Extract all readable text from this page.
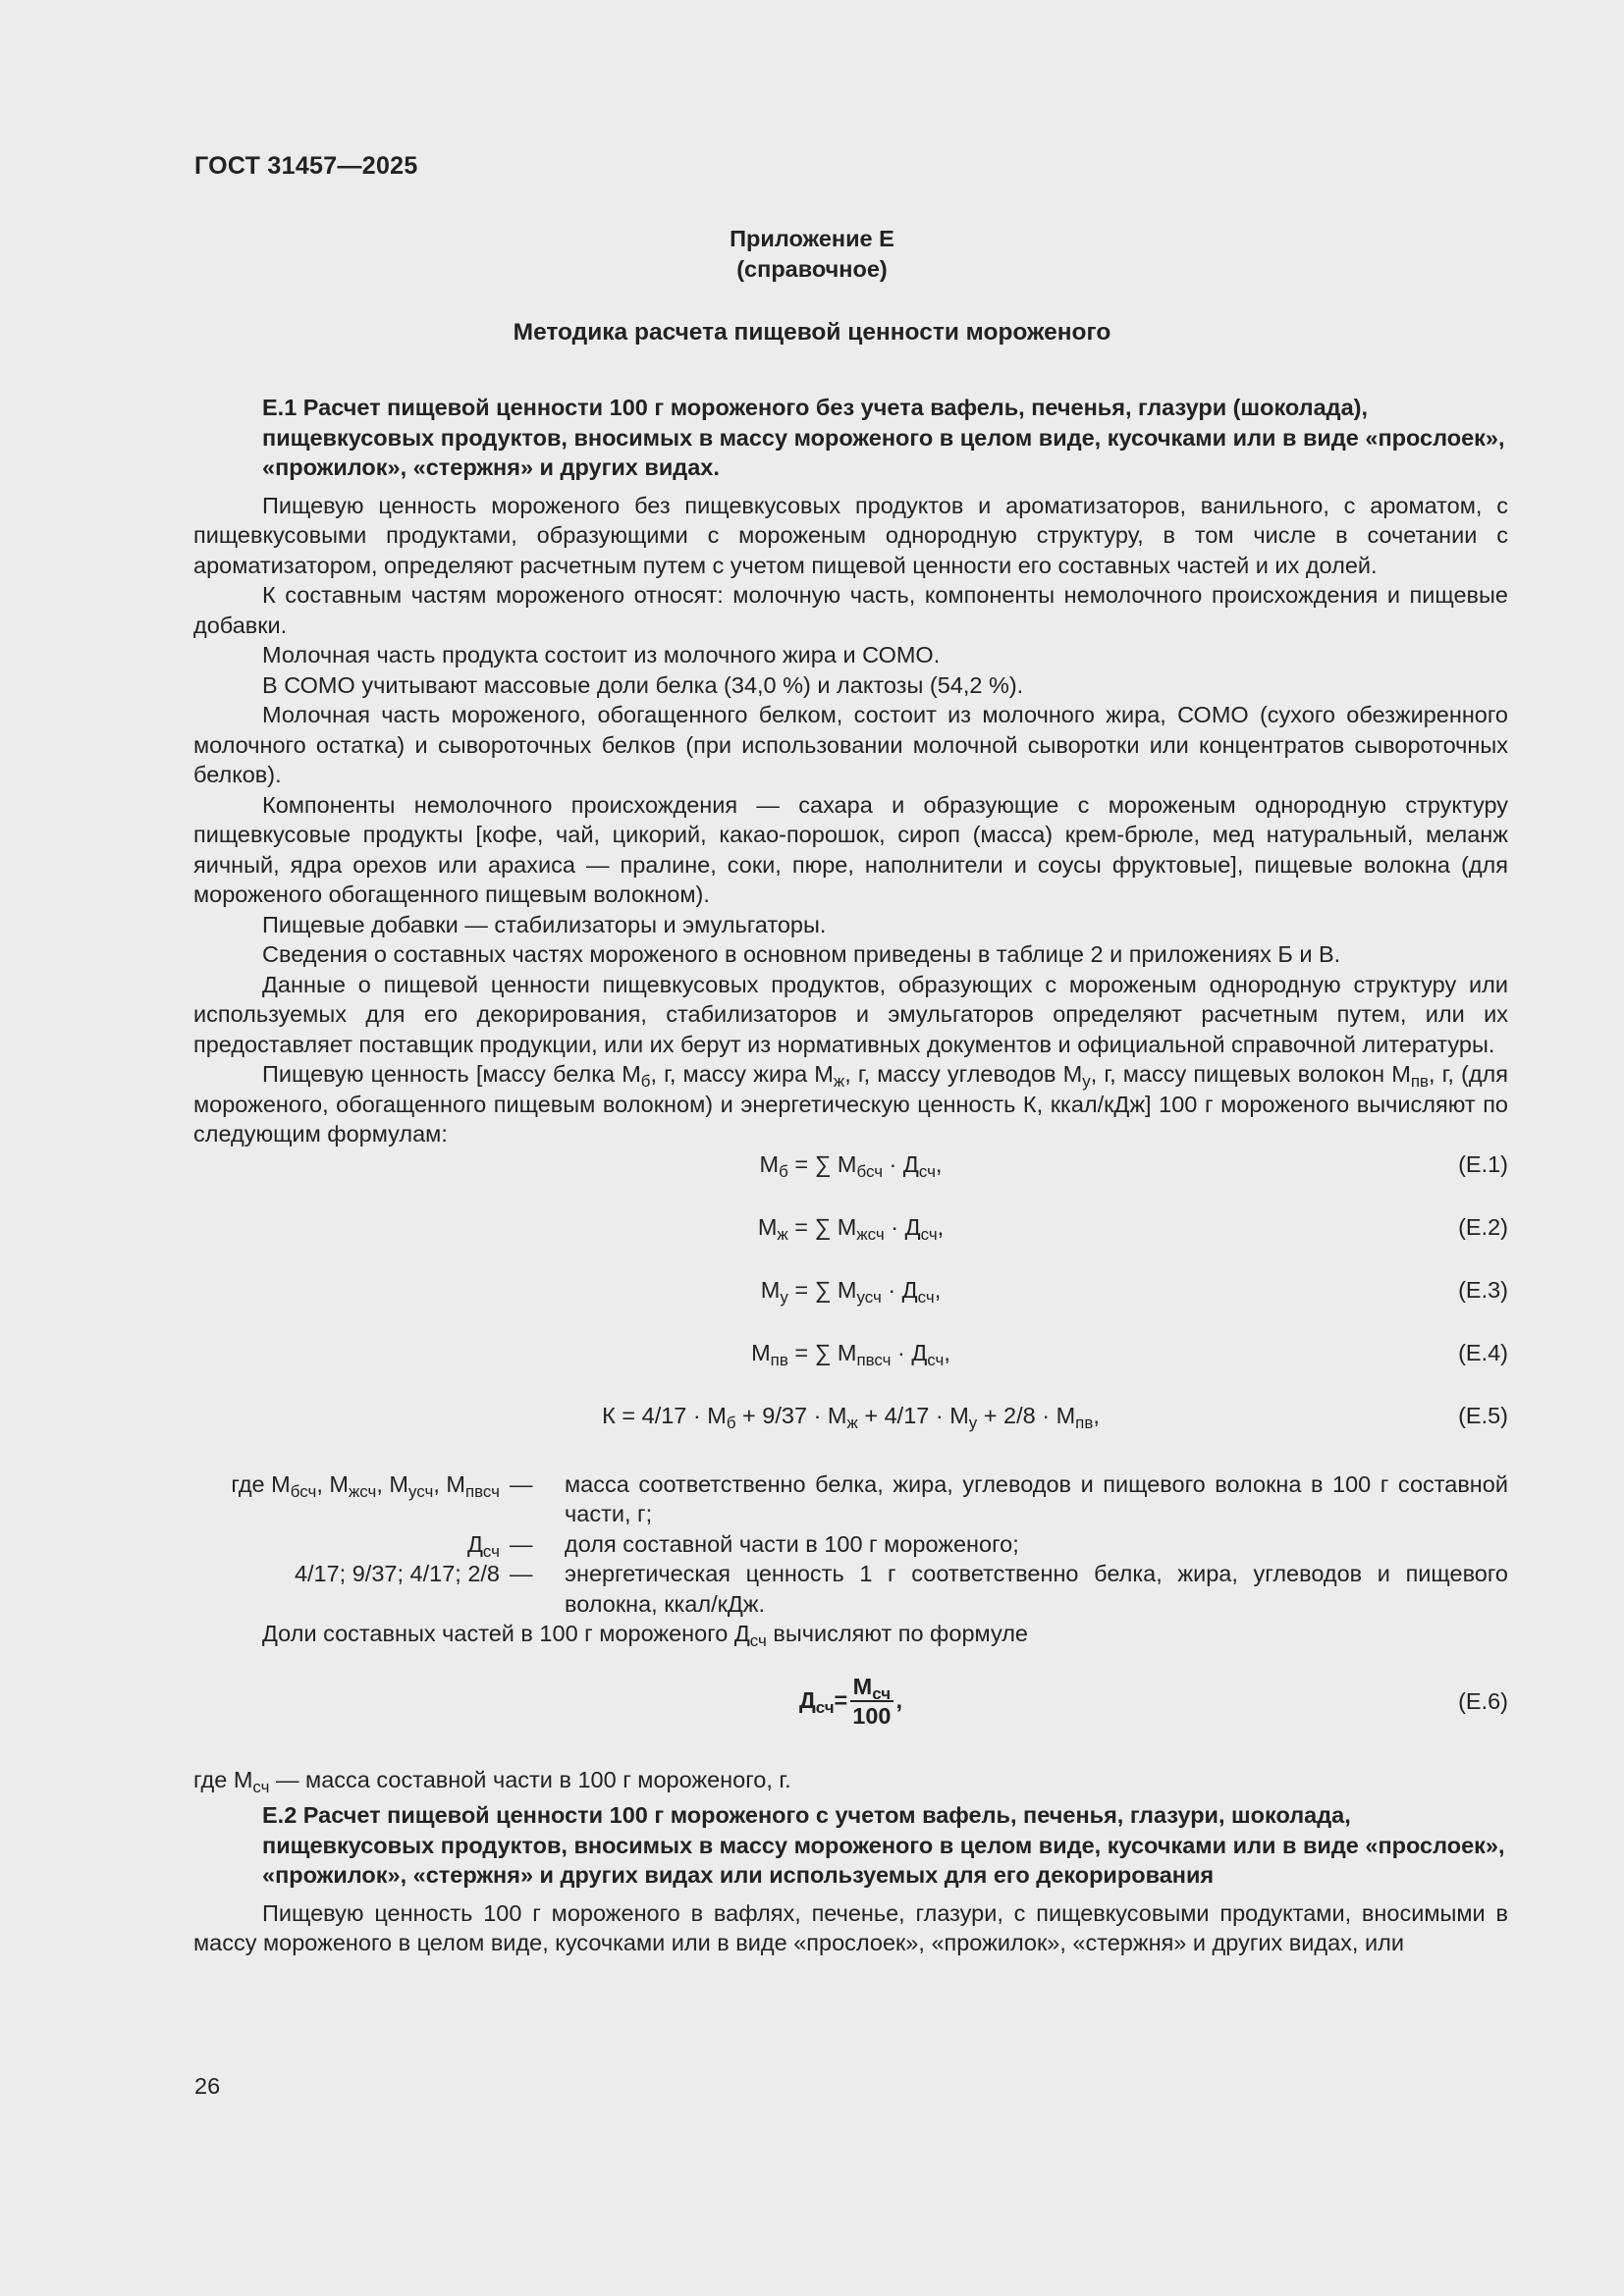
ГОСТ 31457—2025
Приложение Е
(справочное)
Методика расчета пищевой ценности мороженого

Е.1 Расчет пищевой ценности 100 г мороженого без учета вафель, печенья, глазури (шоколада), пищевкусовых продуктов, вносимых в массу мороженого в целом виде, кусочками или в виде «прослоек», «прожилок», «стержня» и других видах.

Пищевую ценность мороженого без пищевкусовых продуктов и ароматизаторов, ванильного, с ароматом, с пищевкусовыми продуктами, образующими с мороженым однородную структуру, в том числе в сочетании с ароматизатором, определяют расчетным путем с учетом пищевой ценности его составных частей и их долей.

К составным частям мороженого относят: молочную часть, компоненты немолочного происхождения и пищевые добавки.

Молочная часть продукта состоит из молочного жира и СОМО.

В СОМО учитывают массовые доли белка (34,0 %) и лактозы (54,2 %).

Молочная часть мороженого, обогащенного белком, состоит из молочного жира, СОМО (сухого обезжиренного молочного остатка) и сывороточных белков (при использовании молочной сыворотки или концентратов сывороточных белков).

Компоненты немолочного происхождения — сахара и образующие с мороженым однородную структуру пищевкусовые продукты [кофе, чай, цикорий, какао-порошок, сироп (масса) крем-брюле, мед натуральный, меланж яичный, ядра орехов или арахиса — пралине, соки, пюре, наполнители и соусы фруктовые], пищевые волокна (для мороженого обогащенного пищевым волокном).

Пищевые добавки — стабилизаторы и эмульгаторы.

Сведения о составных частях мороженого в основном приведены в таблице 2 и приложениях Б и В.

Данные о пищевой ценности пищевкусовых продуктов, образующих с мороженым однородную структуру или используемых для его декорирования, стабилизаторов и эмульгаторов определяют расчетным путем, или их предоставляет поставщик продукции, или их берут из нормативных документов и официальной справочной литературы.

Пищевую ценность [массу белка $М_б$, г, массу жира $М_ж$, г, массу углеводов $М_у$, г, массу пищевых волокон $М_{пв}$, г, (для мороженого, обогащенного пищевым волокном) и энергетическую ценность К, ккал/кДж] 100 г мороженого вычисляют по следующим формулам:

$М_б$ = ∑ $М_{бсч} \cdot Д_{сч}$,	(Е.1)
$М_ж$ = ∑ $М_{жсч} \cdot Д_{сч}$,	(Е.2)
$М_у$ = ∑ $М_{усч} \cdot Д_{сч}$,	(Е.3)
$М_{пв}$ = ∑ $М_{пвсч} \cdot Д_{сч}$,	(Е.4)
$К = 4/17 \cdot М_б + 9/37 \cdot М_ж + 4/17 \cdot М_у + 2/8 \cdot М_{пв}$,	(Е.5)
где $М_{бсч}$, $М_{жсч}$, $М_{усч}$, $М_{пвсч}$ —	масса соответственно белка, жира, углеводов и пищевого волокна в 100 г составной части, г;
$Д_{сч}$ —	доля составной части в 100 г мороженого;
4/17; 9/37; 4/17; 2/8 —	энергетическая ценность 1 г соответственно белка, жира, углеводов и пищевого волокна, ккал/кДж.

Доли составных частей в 100 г мороженого $Д_{сч}$ вычисляют по формуле

$Д_{сч} = \frac{М_{сч}}{100}$ ,	(Е.6)

где $М_{сч}$ — масса составной части в 100 г мороженого, г.

Е.2 Расчет пищевой ценности 100 г мороженого с учетом вафель, печенья, глазури, шоколада, пищевкусовых продуктов, вносимых в массу мороженого в целом виде, кусочками или в виде «прослоек», «прожилок», «стержня» и других видах или используемых для его декорирования

Пищевую ценность 100 г мороженого в вафлях, печенье, глазури, с пищевкусовыми продуктами, вносимыми в массу мороженого в целом виде, кусочками или в виде «прослоек», «прожилок», «стержня» и других видах, или

26
